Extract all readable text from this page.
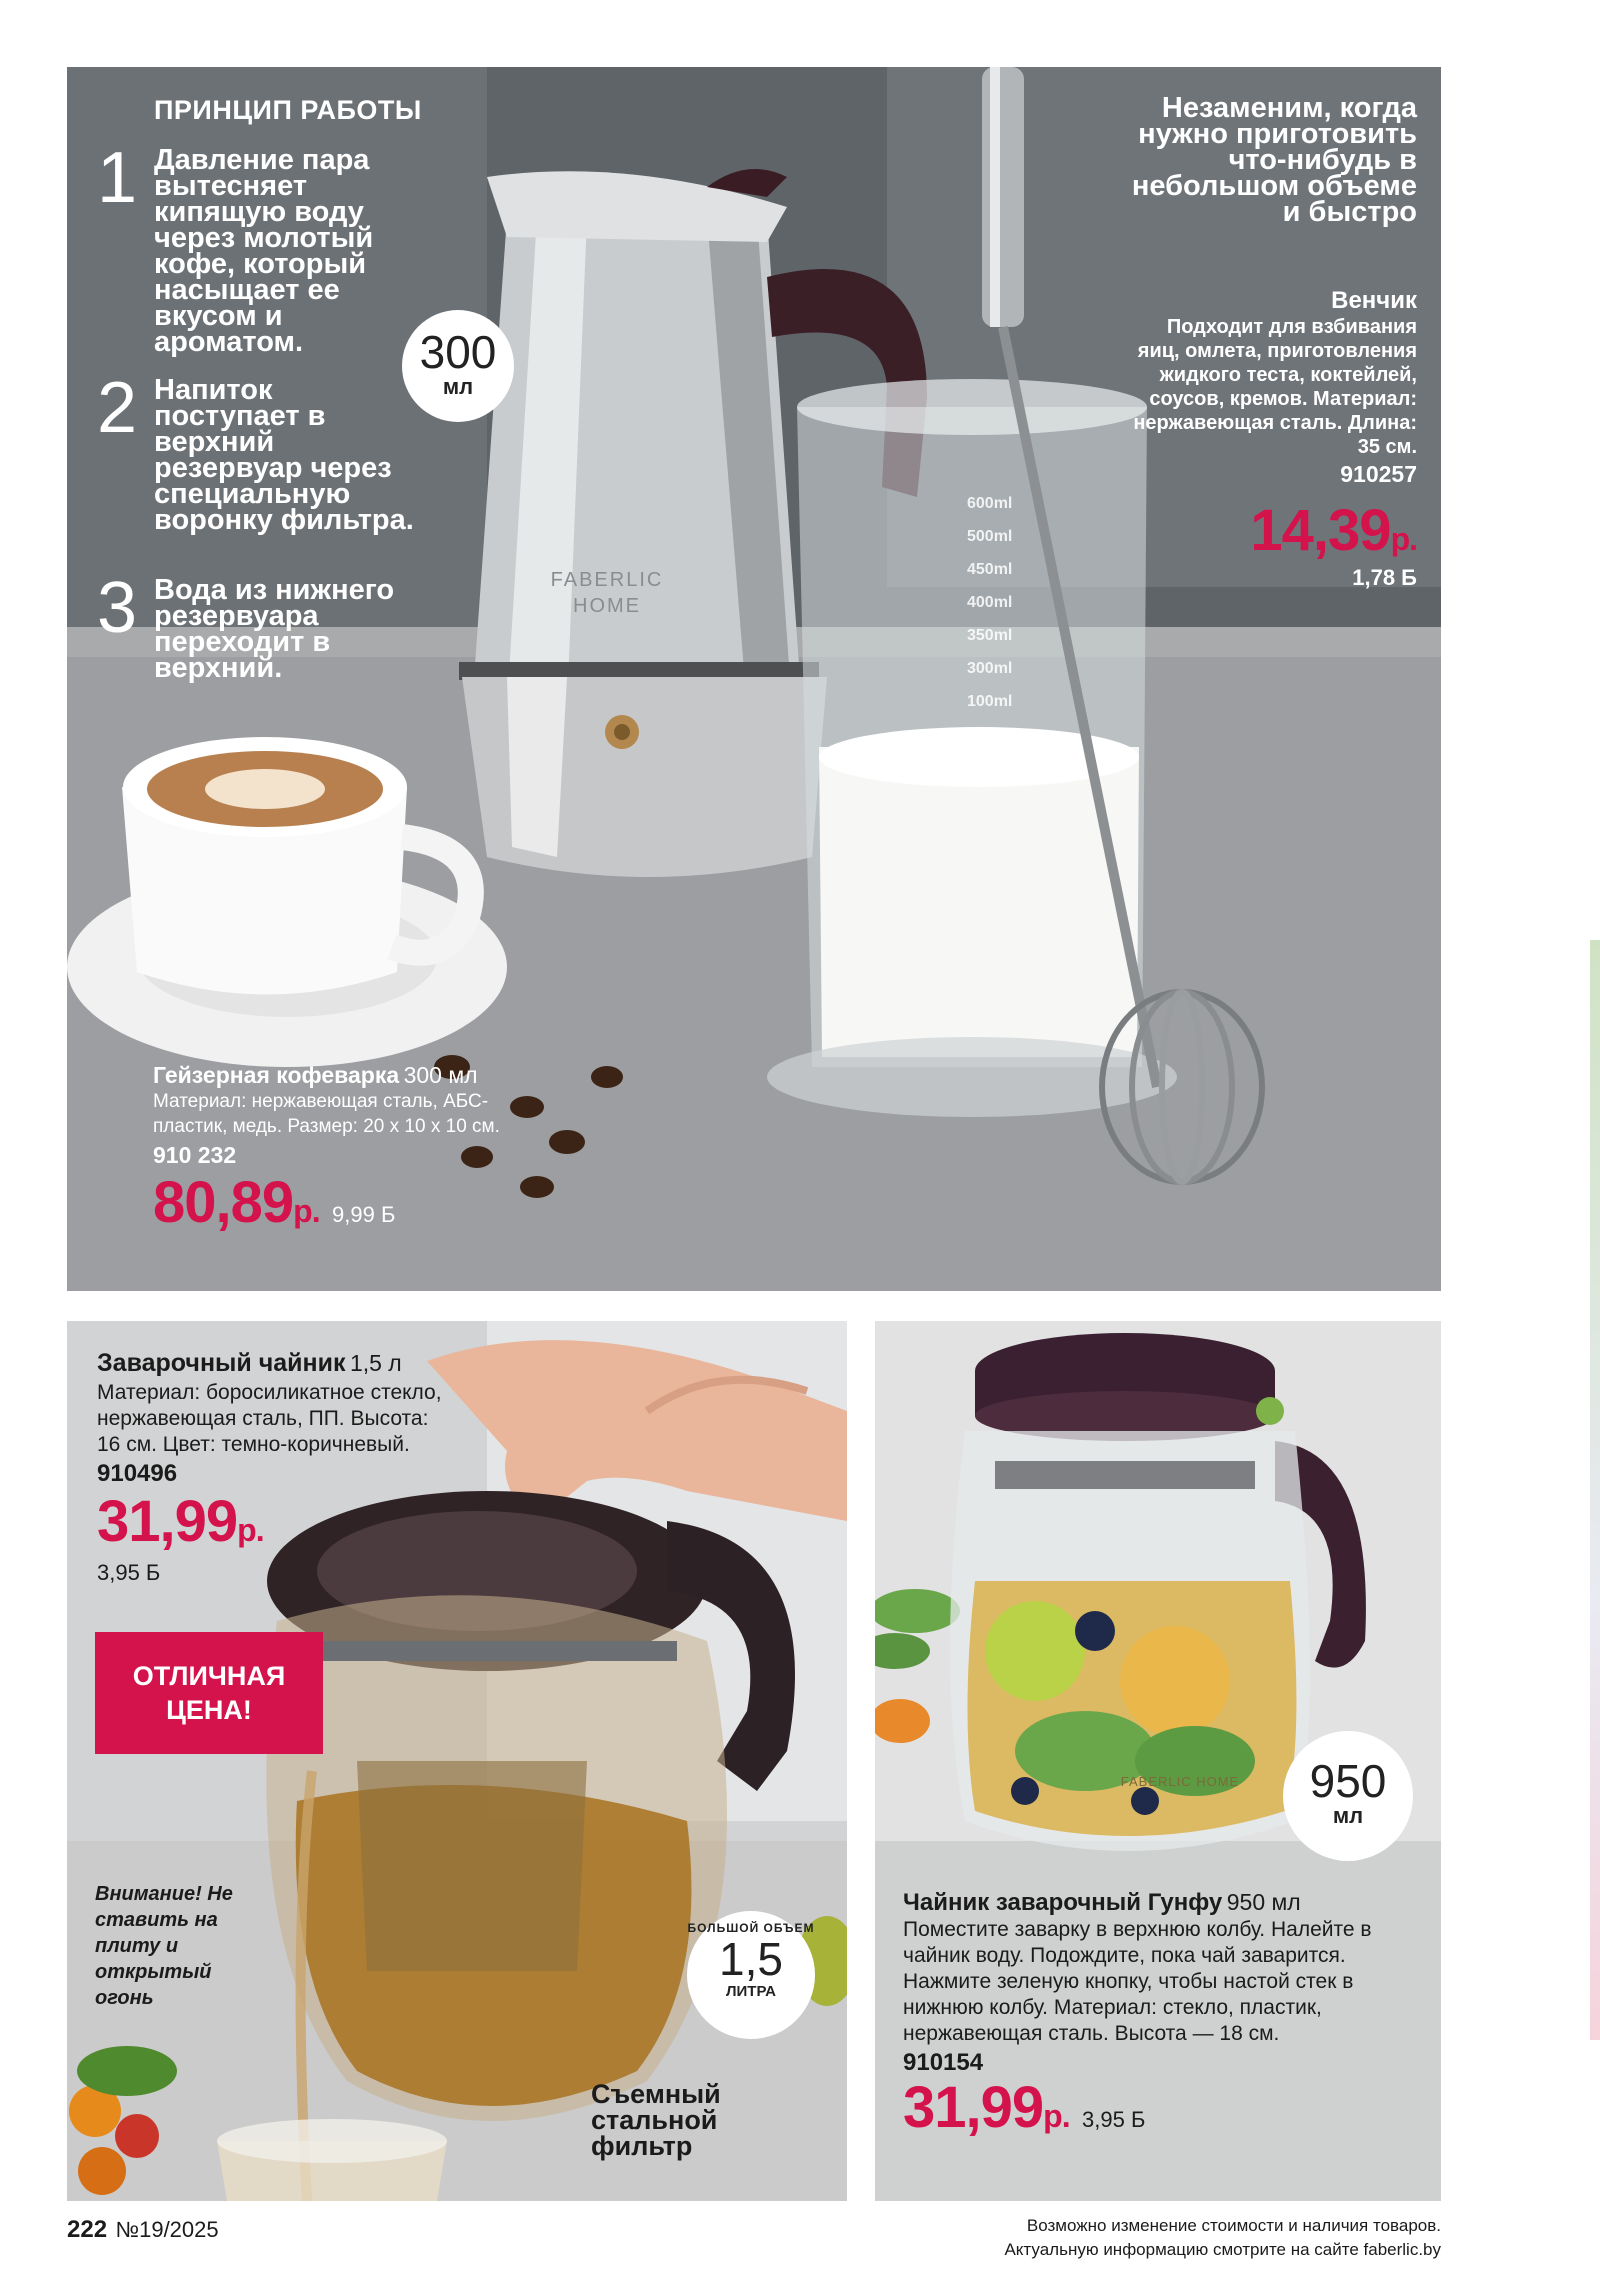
600ml
500ml
450ml
400ml
350ml
300ml
100ml
FABERLIC HOME
ПРИНЦИП РАБОТЫ
1 Давление пара вытесняет кипящую воду через молотый кофе, который насыщает ее вкусом и ароматом.
2 Напиток поступает в верхний резервуар через специальную воронку фильтра.
3 Вода из нижнего резервуара переходит в верхний.
300
мл
Незаменим, когда нужно приготовить что-нибудь в небольшом объеме и быстро
Венчик
Подходит для взбивания яиц, омлета, приготовления жидкого теста, коктейлей, соусов, кремов. Материал: нержавеющая сталь. Длина: 35 см.
910257
14,39р.
1,78 Б
Гейзерная кофеварка 300 мл
Материал: нержавеющая сталь, АБС-пластик, медь. Размер: 20 x 10 x 10 см.
910 232
80,89р. 9,99 Б
Заварочный чайник 1,5 л
Материал: боросиликатное стекло, нержавеющая сталь, ПП. Высота: 16 см. Цвет: темно-коричневый.
910496
31,99р.
3,95 Б
ОТЛИЧНАЯ ЦЕНА!
Внимание! Не ставить на плиту и открытый огонь
БОЛЬШОЙ ОБЪЕМ
1,5
ЛИТРА
Съемный стальной фильтр
FABERLIC HOME	950
мл
Чайник заварочный Гунфу 950 мл
Поместите заварку в верхнюю колбу. Налейте в чайник воду. Подождите, пока чай заварится. Нажмите зеленую кнопку, чтобы настой стек в нижнюю колбу. Материал: стекло, пластик, нержавеющая сталь. Высота — 18 см.
910154
31,99р. 3,95 Б
222 №19/2025	Возможно изменение стоимости и наличия товаров.
Актуальную информацию смотрите на сайте faberlic.by
